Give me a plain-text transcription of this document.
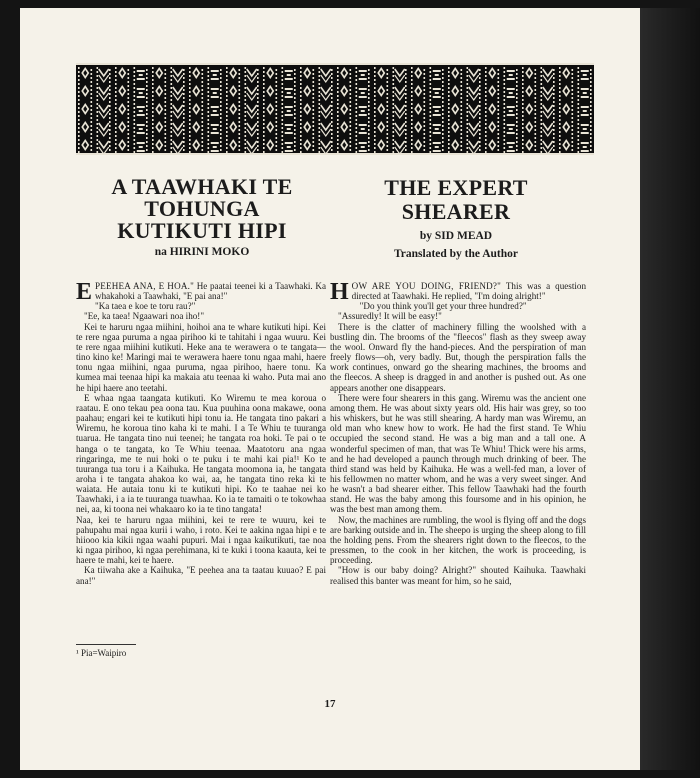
A TAAWHAKI TE
TOHUNGA
KUTIKUTI HIPI

na HIRINI MOKO

THE EXPERT
SHEARER

by SID MEAD

Translated by the Author

E PEEHEA ANA, E HOA." He paatai teenei ki a Taawhaki. Ka whakahoki a Taawhaki, "E pai ana!"

"Ka taea e koe te toru rau?"

"Ee, ka taea! Ngaawari noa iho!"

Kei te haruru ngaa miihini, hoihoi ana te whare kutikuti hipi. Kei te rere ngaa puruma a ngaa pirihoo ki te tahitahi i ngaa wuuru. Kei te rere ngaa miihini kutikuti. Heke ana te werawera o te tangata—tino kino ke! Maringi mai te werawera haere tonu ngaa mahi, haere tonu ngaa miihini, ngaa puruma, ngaa pirihoo, haere tonu. Ka kumea mai teenaa hipi ka makaia atu teenaa ki waho. Puta mai ano he hipi haere ano teetahi.

E whaa ngaa taangata kutikuti. Ko Wiremu te mea koroua o raatau. E ono tekau pea oona tau. Kua puuhina oona makawe, oona paahau; engari kei te kutikuti hipi tonu ia. He tangata tino pakari a Wiremu, he koroua tino kaha ki te mahi. I a Te Whiu te tuuranga tuarua. He tangata tino nui teenei; he tangata roa hoki. Te pai o te hanga o te tangata, ko Te Whiu teenaa. Maatotoru ana ngaa ringaringa, me te nui hoki o te puku i te mahi kai pia!¹ Ko te tuuranga tua toru i a Kaihuka. He tangata moomona ia, he tangata aroha i te tangata ahakoa ko wai, aa, he tangata tino reka ki te waiata. He autaia tonu ki te kutikuti hipi. Ko te taahae nei ko Taawhaki, i a ia te tuuranga tuawhaa. Ko ia te tamaiti o te tokowhaa nei, aa, ki toona nei whakaaro ko ia te tino tangata!

Naa, kei te haruru ngaa miihini, kei te rere te wuuru, kei te pahupahu mai ngaa kurii i waho, i roto. Kei te aakina ngaa hipi e te hiiooo kia kikii ngaa waahi pupuri. Mai i ngaa kaikutikuti, tae noa ki ngaa pirihoo, ki ngaa perehimana, ki te kuki i toona kaauta, kei te haere te mahi, kei te haere.

Ka tiiwaha ake a Kaihuka, "E peehea ana ta taatau kuuao? E pai ana!"

HOW ARE YOU DOING, FRIEND?" This was a question directed at Taawhaki. He replied, "I'm doing alright!"

"Do you think you'll get your three hundred?"

"Assuredly! It will be easy!"

There is the clatter of machinery filling the woolshed with a bustling din. The brooms of the "fleecos" flash as they sweep away the wool. Onward fly the hand-pieces. And the perspiration of man freely flows—oh, very badly. But, though the perspiration falls the work continues, onward go the shearing machines, the brooms and the fleecos. A sheep is dragged in and another is pushed out. As one appears another one disappears.

There were four shearers in this gang. Wiremu was the ancient one among them. He was about sixty years old. His hair was grey, so too his whiskers, but he was still shearing. A hardy man was Wiremu, an old man who knew how to work. He had the first stand. Te Whiu occupied the second stand. He was a big man and a tall one. A wonderful specimen of man, that was Te Whiu! Thick were his arms, and he had developed a paunch through much drinking of beer. The third stand was held by Kaihuka. He was a well-fed man, a lover of his fellowmen no matter whom, and he was a very sweet singer. And he wasn't a bad shearer either. This fellow Taawhaki had the fourth stand. He was the baby among this foursome and in his opinion, he was the best man among them.

Now, the machines are rumbling, the wool is flying off and the dogs are barking outside and in. The sheepo is urging the sheep along to fill the holding pens. From the shearers right down to the fleecos, to the pressmen, to the cook in her kitchen, the work is proceeding, is proceeding.

"How is our baby doing? Alright?" shouted Kaihuka. Taawhaki realised this banter was meant for him, so he said,

¹ Pia=Waipiro
17
